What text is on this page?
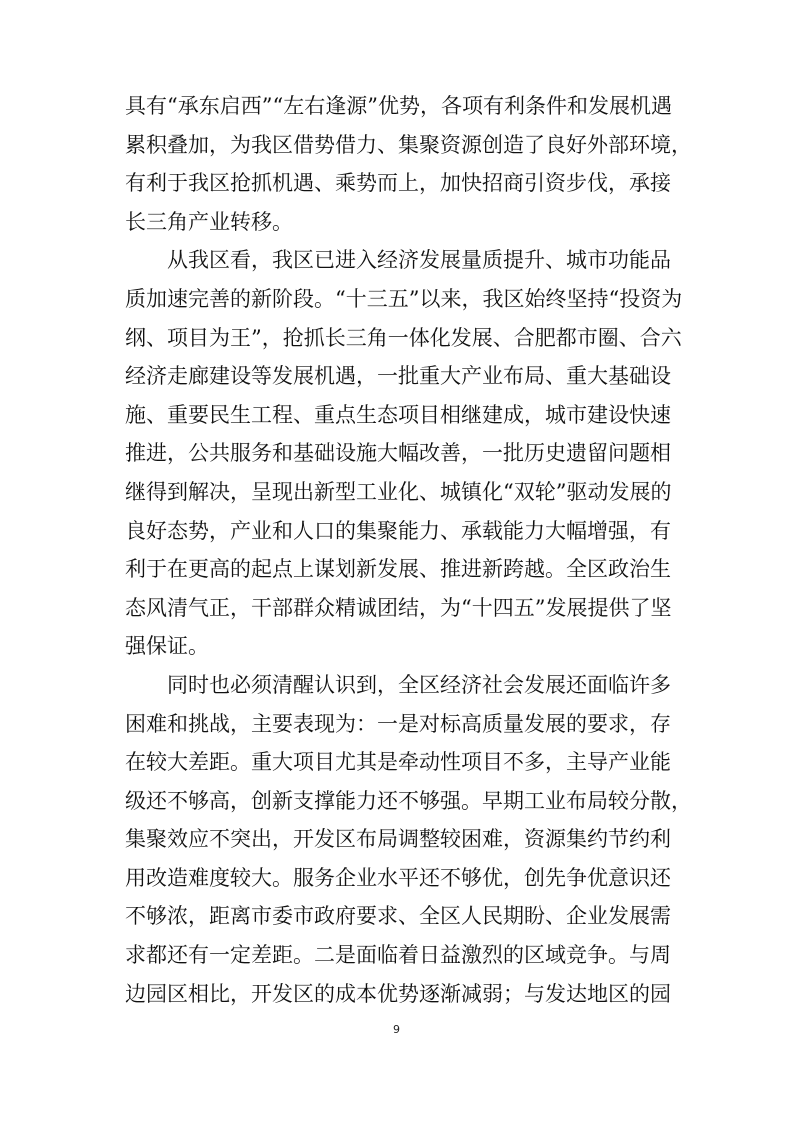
具有“承东启西”“左右逢源”优势，各项有利条件和发展机遇
累积叠加，为我区借势借力、集聚资源创造了良好外部环境，
有利于我区抢抓机遇、乘势而上，加快招商引资步伐，承接
长三角产业转移。
　　从我区看，我区已进入经济发展量质提升、城市功能品
质加速完善的新阶段。“十三五”以来，我区始终坚持“投资为
纲、项目为王”，抢抓长三角一体化发展、合肥都市圈、合六
经济走廊建设等发展机遇，一批重大产业布局、重大基础设
施、重要民生工程、重点生态项目相继建成，城市建设快速
推进，公共服务和基础设施大幅改善，一批历史遗留问题相
继得到解决，呈现出新型工业化、城镇化“双轮”驱动发展的
良好态势，产业和人口的集聚能力、承载能力大幅增强，有
利于在更高的起点上谋划新发展、推进新跨越。全区政治生
态风清气正，干部群众精诚团结，为“十四五”发展提供了坚
强保证。
　　同时也必须清醒认识到，全区经济社会发展还面临许多
困难和挑战，主要表现为：一是对标高质量发展的要求，存
在较大差距。重大项目尤其是牵动性项目不多，主导产业能
级还不够高，创新支撑能力还不够强。早期工业布局较分散，
集聚效应不突出，开发区布局调整较困难，资源集约节约利
用改造难度较大。服务企业水平还不够优，创先争优意识还
不够浓，距离市委市政府要求、全区人民期盼、企业发展需
求都还有一定差距。二是面临着日益激烈的区域竞争。与周
边园区相比，开发区的成本优势逐渐减弱；与发达地区的园
9
